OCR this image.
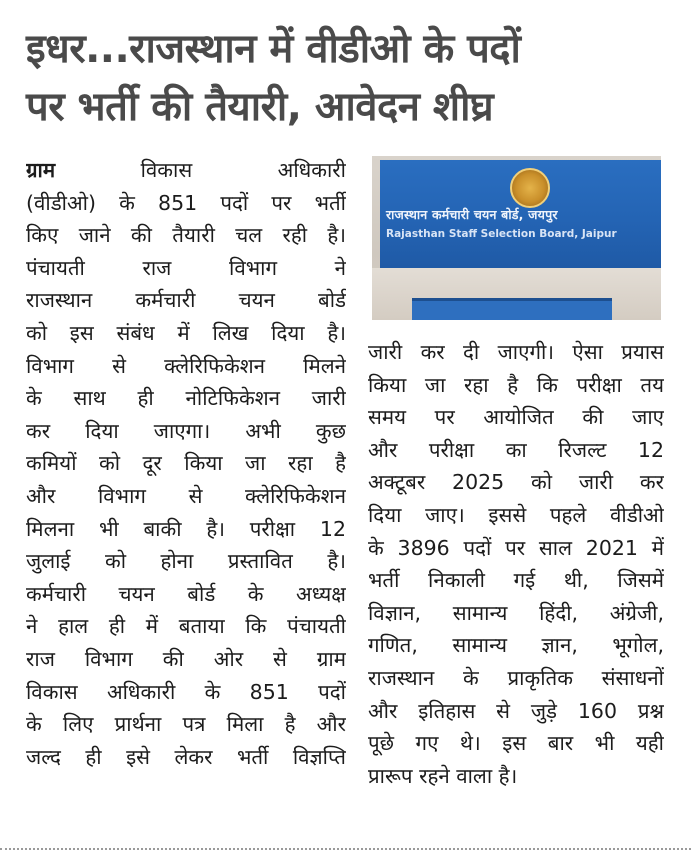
इधर...राजस्थान में वीडीओ के पदों
पर भर्ती की तैयारी, आवेदन शीघ्र
ग्राम विकास अधिकारी
(वीडीओ) के 851 पदों पर भर्ती
किए जाने की तैयारी चल रही है।
पंचायती राज विभाग ने
राजस्थान कर्मचारी चयन बोर्ड
को इस संबंध में लिख दिया है।
विभाग से क्लेरिफिकेशन मिलने
के साथ ही नोटिफिकेशन जारी
कर दिया जाएगा। अभी कुछ
कमियों को दूर किया जा रहा है
और विभाग से क्लेरिफिकेशन
मिलना भी बाकी है। परीक्षा 12
जुलाई को होना प्रस्तावित है।
कर्मचारी चयन बोर्ड के अध्यक्ष
ने हाल ही में बताया कि पंचायती
राज विभाग की ओर से ग्राम
विकास अधिकारी के 851 पदों
के लिए प्रार्थना पत्र मिला है और
जल्द ही इसे लेकर भर्ती विज्ञप्ति
राजस्थान कर्मचारी चयन बोर्ड, जयपुर
Rajasthan Staff Selection Board, Jaipur
जारी कर दी जाएगी। ऐसा प्रयास
किया जा रहा है कि परीक्षा तय
समय पर आयोजित की जाए
और परीक्षा का रिजल्ट 12
अक्टूबर 2025 को जारी कर
दिया जाए। इससे पहले वीडीओ
के 3896 पदों पर साल 2021 में
भर्ती निकाली गई थी, जिसमें
विज्ञान, सामान्य हिंदी, अंग्रेजी,
गणित, सामान्य ज्ञान, भूगोल,
राजस्थान के प्राकृतिक संसाधनों
और इतिहास से जुड़े 160 प्रश्न
पूछे गए थे। इस बार भी यही
प्रारूप रहने वाला है।
